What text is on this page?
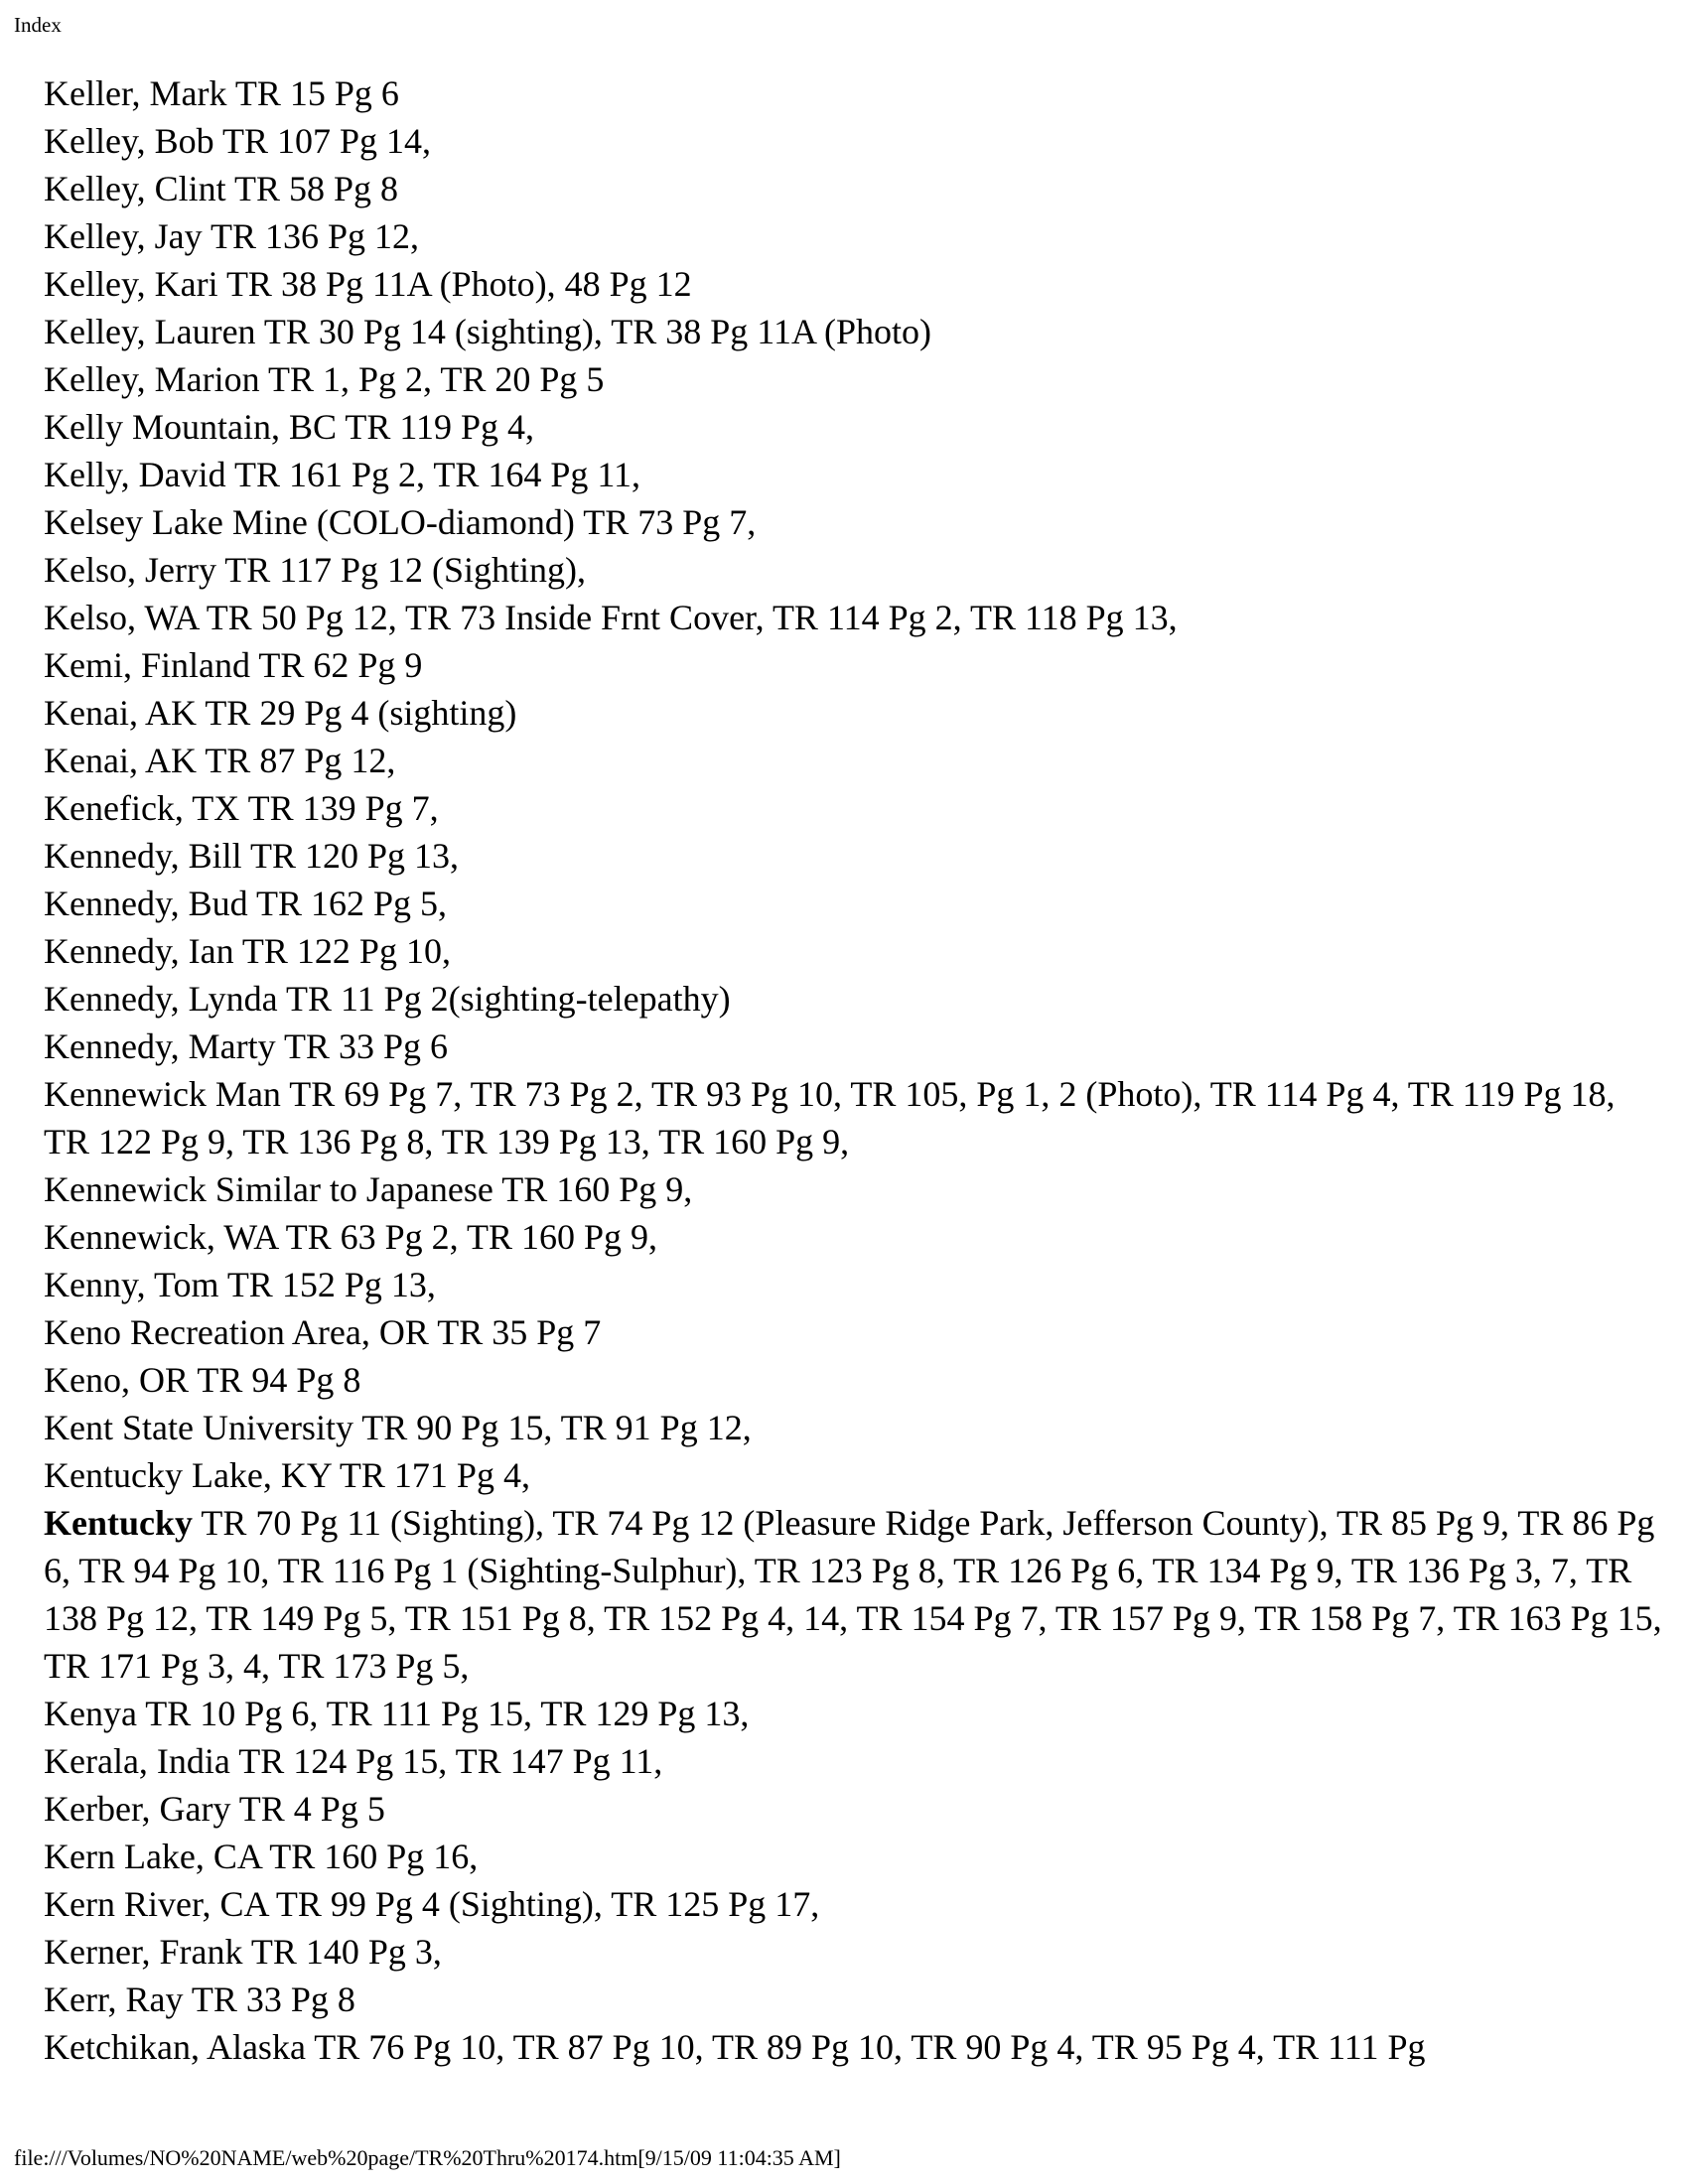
Index
Keller, Mark TR 15 Pg 6
Kelley, Bob TR 107 Pg 14,
Kelley, Clint TR 58 Pg 8
Kelley, Jay TR 136 Pg 12,
Kelley, Kari TR 38 Pg 11A (Photo), 48 Pg 12
Kelley, Lauren TR 30 Pg 14 (sighting), TR 38 Pg 11A (Photo)
Kelley, Marion TR 1, Pg 2, TR 20 Pg 5
Kelly Mountain, BC TR 119 Pg 4,
Kelly, David TR 161 Pg 2, TR 164 Pg 11,
Kelsey Lake Mine (COLO-diamond) TR 73 Pg 7,
Kelso, Jerry TR 117 Pg 12 (Sighting),
Kelso, WA TR 50 Pg 12, TR 73 Inside Frnt Cover, TR 114 Pg 2, TR 118 Pg 13,
Kemi, Finland TR 62 Pg 9
Kenai, AK TR 29 Pg 4 (sighting)
Kenai, AK TR 87 Pg 12,
Kenefick, TX TR 139 Pg 7,
Kennedy, Bill TR 120 Pg 13,
Kennedy, Bud TR 162 Pg 5,
Kennedy, Ian TR 122 Pg 10,
Kennedy, Lynda TR 11 Pg 2(sighting-telepathy)
Kennedy, Marty TR 33 Pg 6
Kennewick Man TR 69 Pg 7, TR 73 Pg 2, TR 93 Pg 10, TR 105, Pg 1, 2 (Photo), TR 114 Pg 4, TR 119 Pg 18, TR 122 Pg 9, TR 136 Pg 8, TR 139 Pg 13, TR 160 Pg 9,
Kennewick Similar to Japanese TR 160 Pg 9,
Kennewick, WA TR 63 Pg 2, TR 160 Pg 9,
Kenny, Tom TR 152 Pg 13,
Keno Recreation Area, OR TR 35 Pg 7
Keno, OR TR 94 Pg 8
Kent State University TR 90 Pg 15, TR 91 Pg 12,
Kentucky Lake, KY TR 171 Pg 4,
Kentucky TR 70 Pg 11 (Sighting), TR 74 Pg 12 (Pleasure Ridge Park, Jefferson County), TR 85 Pg 9, TR 86 Pg 6, TR 94 Pg 10, TR 116 Pg 1 (Sighting-Sulphur), TR 123 Pg 8, TR 126 Pg 6, TR 134 Pg 9, TR 136 Pg 3, 7, TR 138 Pg 12, TR 149 Pg 5, TR 151 Pg 8, TR 152 Pg 4, 14, TR 154 Pg 7, TR 157 Pg 9, TR 158 Pg 7, TR 163 Pg 15, TR 171 Pg 3, 4, TR 173 Pg 5,
Kenya TR 10 Pg 6, TR 111 Pg 15, TR 129 Pg 13,
Kerala, India TR 124 Pg 15, TR 147 Pg 11,
Kerber, Gary TR 4 Pg 5
Kern Lake, CA TR 160 Pg 16,
Kern River, CA TR 99 Pg 4 (Sighting), TR 125 Pg 17,
Kerner, Frank TR 140 Pg 3,
Kerr, Ray TR 33 Pg 8
Ketchikan, Alaska TR 76 Pg 10, TR 87 Pg 10, TR 89 Pg 10, TR 90 Pg 4, TR 95 Pg 4, TR 111 Pg
file:///Volumes/NO%20NAME/web%20page/TR%20Thru%20174.htm[9/15/09 11:04:35 AM]
